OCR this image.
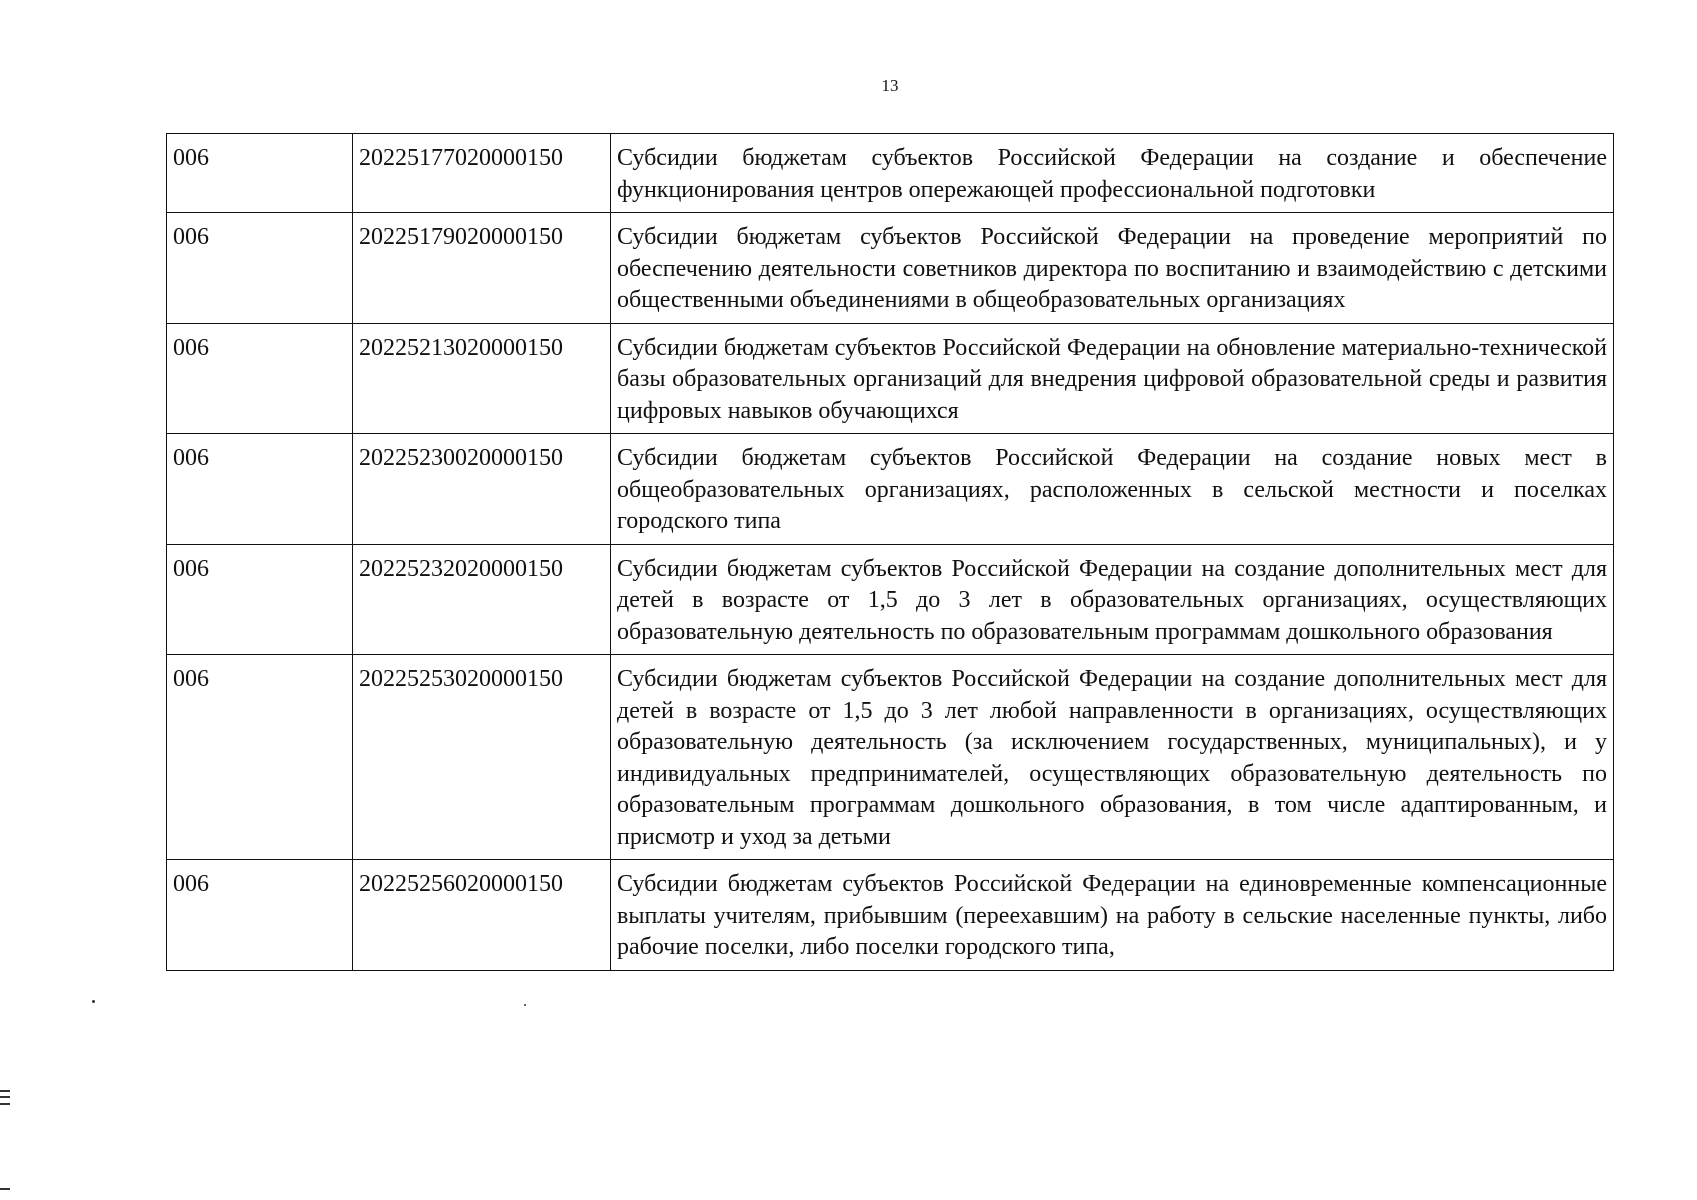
13
006	20225177020000150	Субсидии бюджетам субъектов Российской Федерации на создание и обеспечение функционирования центров опережающей профессиональной подготовки
006	20225179020000150	Субсидии бюджетам субъектов Российской Федерации на проведение мероприятий по обеспечению деятельности советников директора по воспитанию и взаимодействию с детскими общественными объединениями в общеобразовательных организациях
006	20225213020000150	Субсидии бюджетам субъектов Российской Федерации на обновление материально-технической базы образовательных организаций для внедрения цифровой образовательной среды и развития цифровых навыков обучающихся
006	20225230020000150	Субсидии бюджетам субъектов Российской Федерации на создание новых мест в общеобразовательных организациях, расположенных в сельской местности и поселках городского типа
006	20225232020000150	Субсидии бюджетам субъектов Российской Федерации на создание дополнительных мест для детей в возрасте от 1,5 до 3 лет в образовательных организациях, осуществляющих образовательную деятельность по образовательным программам дошкольного образования
006	20225253020000150	Субсидии бюджетам субъектов Российской Федерации на создание дополнительных мест для детей в возрасте от 1,5 до 3 лет любой направленности в организациях, осуществляющих образовательную деятельность (за исключением государственных, муниципальных), и у индивидуальных предпринимателей, осуществляющих образовательную деятельность по образовательным программам дошкольного образования, в том числе адаптированным, и присмотр и уход за детьми
006	20225256020000150	Субсидии бюджетам субъектов Российской Федерации на единовременные компенсационные выплаты учителям, прибывшим (переехавшим) на работу в сельские населенные пункты, либо рабочие поселки, либо поселки городского типа,
